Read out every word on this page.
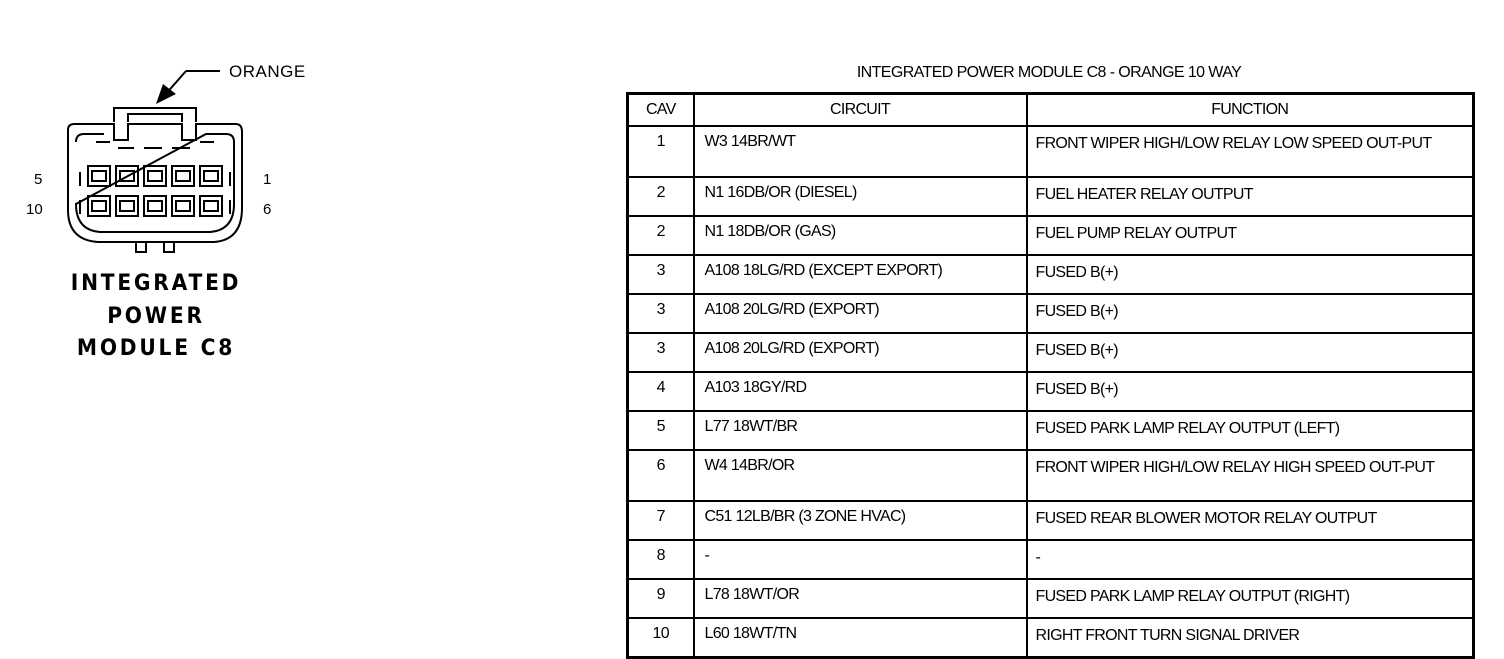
ORANGE
5	1
10	6
INTEGRATED
POWER
MODULE C8
INTEGRATED POWER MODULE C8 - ORANGE 10 WAY
CAV	CIRCUIT	FUNCTION
1	W3 14BR/WT	FRONT WIPER HIGH/LOW RELAY LOW SPEED OUT-PUT
2	N1 16DB/OR (DIESEL)	FUEL HEATER RELAY OUTPUT
2	N1 18DB/OR (GAS)	FUEL PUMP RELAY OUTPUT
3	A108 18LG/RD (EXCEPT EXPORT)	FUSED B(+)
3	A108 20LG/RD (EXPORT)	FUSED B(+)
3	A108 20LG/RD (EXPORT)	FUSED B(+)
4	A103 18GY/RD	FUSED B(+)
5	L77 18WT/BR	FUSED PARK LAMP RELAY OUTPUT (LEFT)
6	W4 14BR/OR	FRONT WIPER HIGH/LOW RELAY HIGH SPEED OUT-PUT
7	C51 12LB/BR (3 ZONE HVAC)	FUSED REAR BLOWER MOTOR RELAY OUTPUT
8	-	-
9	L78 18WT/OR	FUSED PARK LAMP RELAY OUTPUT (RIGHT)
10	L60 18WT/TN	RIGHT FRONT TURN SIGNAL DRIVER
